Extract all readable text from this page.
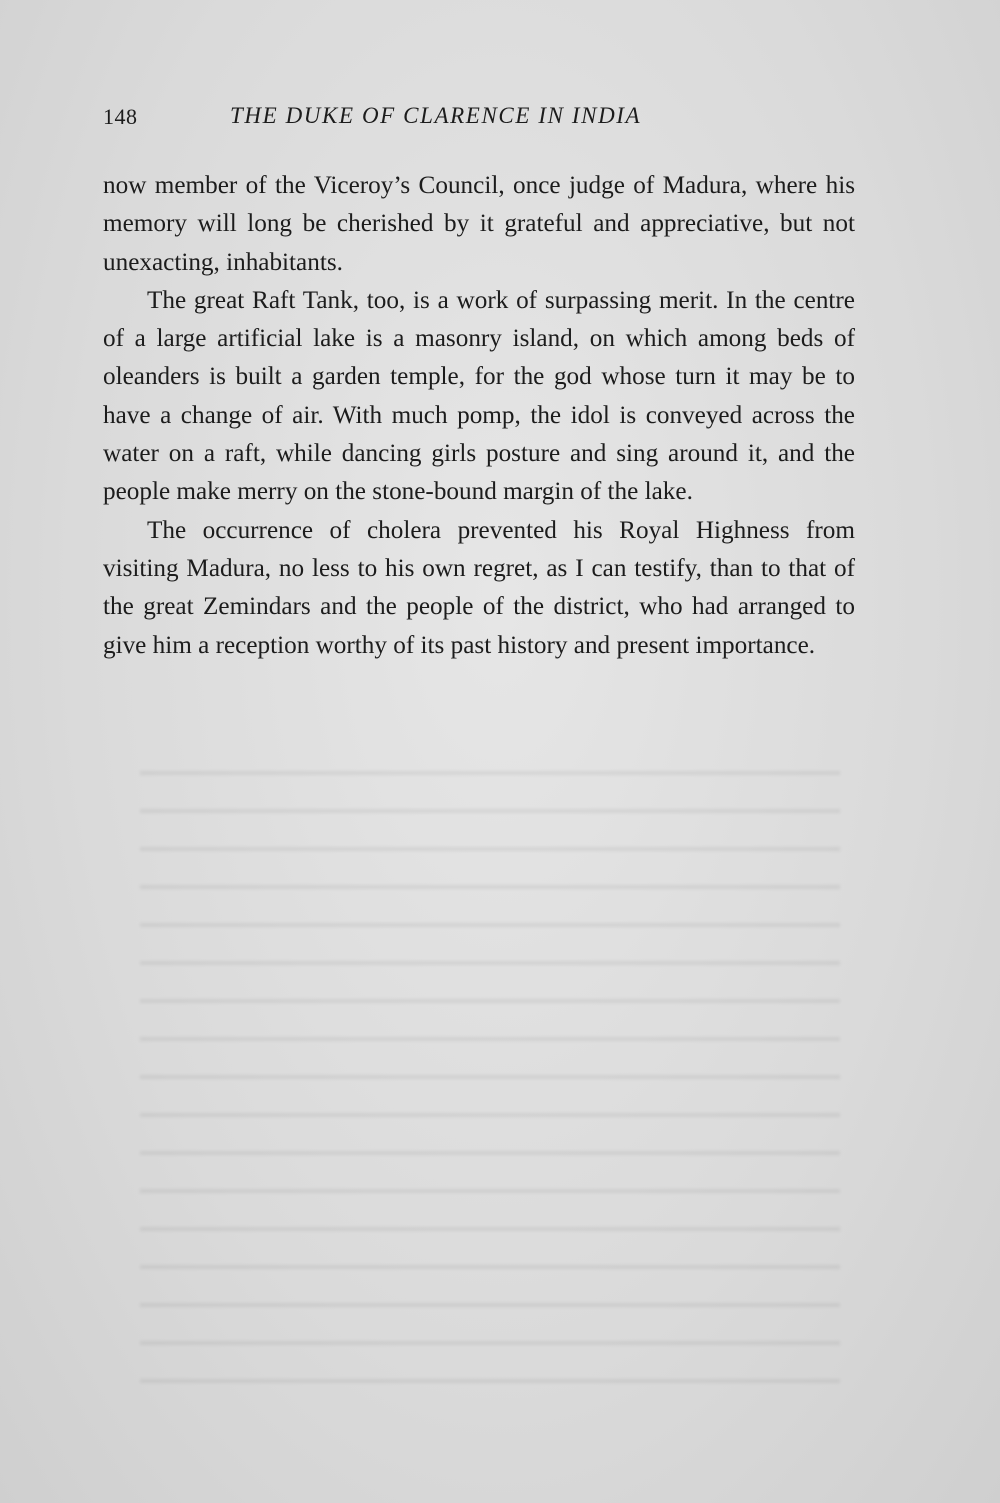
148	THE DUKE OF CLARENCE IN INDIA

now member of the Viceroy’s Council, once judge of Madura, where his memory will long be cherished by it grateful and appreciative, but not unexacting, inhabitants.

The great Raft Tank, too, is a work of surpassing merit. In the centre of a large artificial lake is a masonry island, on which among beds of oleanders is built a garden temple, for the god whose turn it may be to have a change of air. With much pomp, the idol is conveyed across the water on a raft, while dancing girls posture and sing around it, and the people make merry on the stone-bound margin of the lake.

The occurrence of cholera prevented his Royal Highness from visiting Madura, no less to his own regret, as I can testify, than to that of the great Zemindars and the people of the district, who had arranged to give him a reception worthy of its past history and present importance.
